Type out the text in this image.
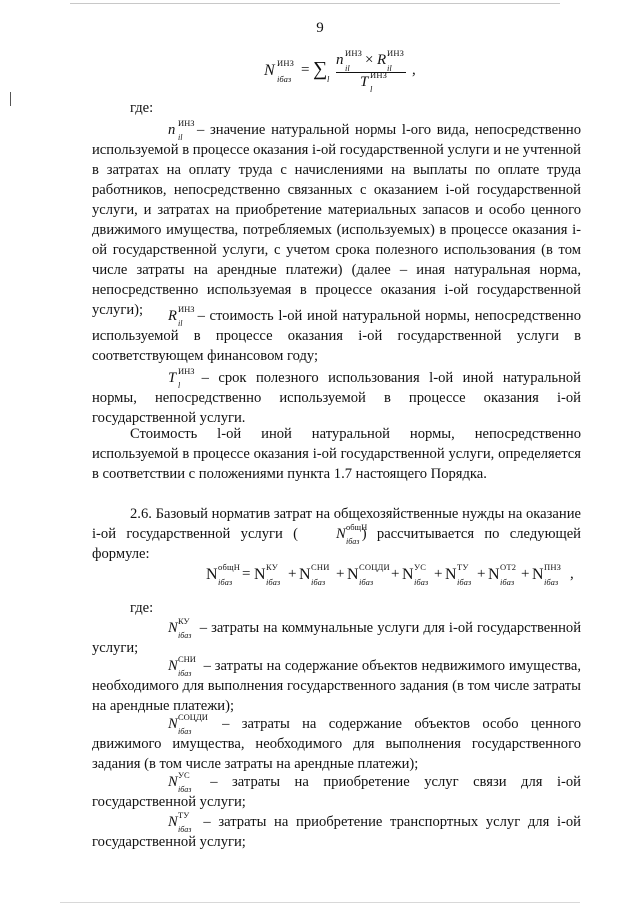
9
N ИНЗ
iбаз
= ∑ l
n ИНЗ
il × R ИНЗ
il
T ИНЗ
l
,
где:
n ИНЗ
il – значение натуральной нормы l-ого вида, непосредственно используемой в процессе оказания i-ой государственной услуги и не учтенной в затратах на оплату труда с начислениями на выплаты по оплате труда работников, непосредственно связанных с оказанием i-ой государственной услуги, и затратах на приобретение материальных запасов и особо ценного движимого имущества, потребляемых (используемых) в процессе оказания i-ой государственной услуги, с учетом срока полезного использования (в том числе затраты на арендные платежи) (далее – иная натуральная норма, непосредственно используемая в процессе оказания i-ой государственной услуги);	R ИНЗ
il – стоимость l-ой иной натуральной нормы, непосредственно используемой в процессе оказания i-ой государственной услуги в соответствующем финансовом году;
T ИНЗ
l – срок полезного использования l-ой иной натуральной нормы, непосредственно используемой в процессе оказания i-ой государственной услуги.
Стоимость l-ой иной натуральной нормы, непосредственно используемой в процессе оказания i-ой государственной услуги, определяется в соответствии с положениями пункта 1.7 настоящего Порядка.
2.6. Базовый норматив затрат на общехозяйственные нужды на оказание i-ой государственной услуги (	N общН
iбаз ) рассчитывается по следующей формуле:
N общН
iбаз = N КУ
iбаз + N СНИ
iбаз + N СОЦДИ
iбаз + N УС
iбаз + N ТУ
iбаз + N ОТ2
iбаз + N ПНЗ
iбаз ,
где:
N КУ
iбаз – затраты на коммунальные услуги для i-ой государственной услуги;
N СНИ
iбаз – затраты на содержание объектов недвижимого имущества, необходимого для выполнения государственного задания (в том числе затраты на арендные платежи);
N СОЦДИ
iбаз – затраты на содержание объектов особо ценного движимого имущества, необходимого для выполнения государственного задания (в том числе затраты на арендные платежи);
N УС
iбаз – затраты на приобретение услуг связи для i-ой государственной услуги;
N ТУ
iбаз – затраты на приобретение транспортных услуг для i-ой государственной услуги;
